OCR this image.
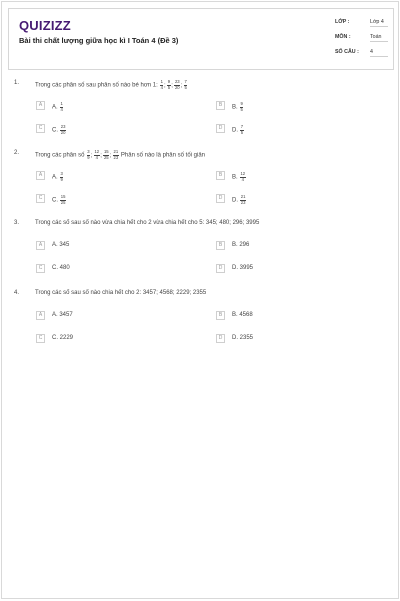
QUIZIZZ
Bài thi chất lượng giữa học kì I Toán 4 (Đề 3)
LỚP :	Lớp 4
MÔN :	Toán
SỐ CÂU :	4
1.	Trong các phân số sau phân số nào bé hơn 1: $\frac{1}{4}$ ; $\frac{9}{5}$ ; $\frac{23}{20}$ ; $\frac{7}{5}$
A	A. $\frac{1}{4}$	B	B. $\frac{9}{5}$
C	C. $\frac{23}{20}$	D	D. $\frac{7}{5}$
2.	Trong các phân số $\frac{3}{9}$ ; $\frac{12}{4}$ ; $\frac{15}{25}$ ; $\frac{21}{23}$ Phân số nào là phân số tối giản
A	A. $\frac{3}{9}$	B	B. $\frac{12}{4}$
C	C. $\frac{15}{25}$	D	D. $\frac{21}{23}$
3.	Trong các số sau số nào vừa chia hết cho 2 vừa chia hết cho 5: 345; 480; 296; 3995
A	A. 345	B	B. 296
C	C. 480	D	D. 3995
4.	Trong các số sau số nào chia hết cho 2: 3457; 4568; 2229; 2355
A	A. 3457	B	B. 4568
C	C. 2229	D	D. 2355
